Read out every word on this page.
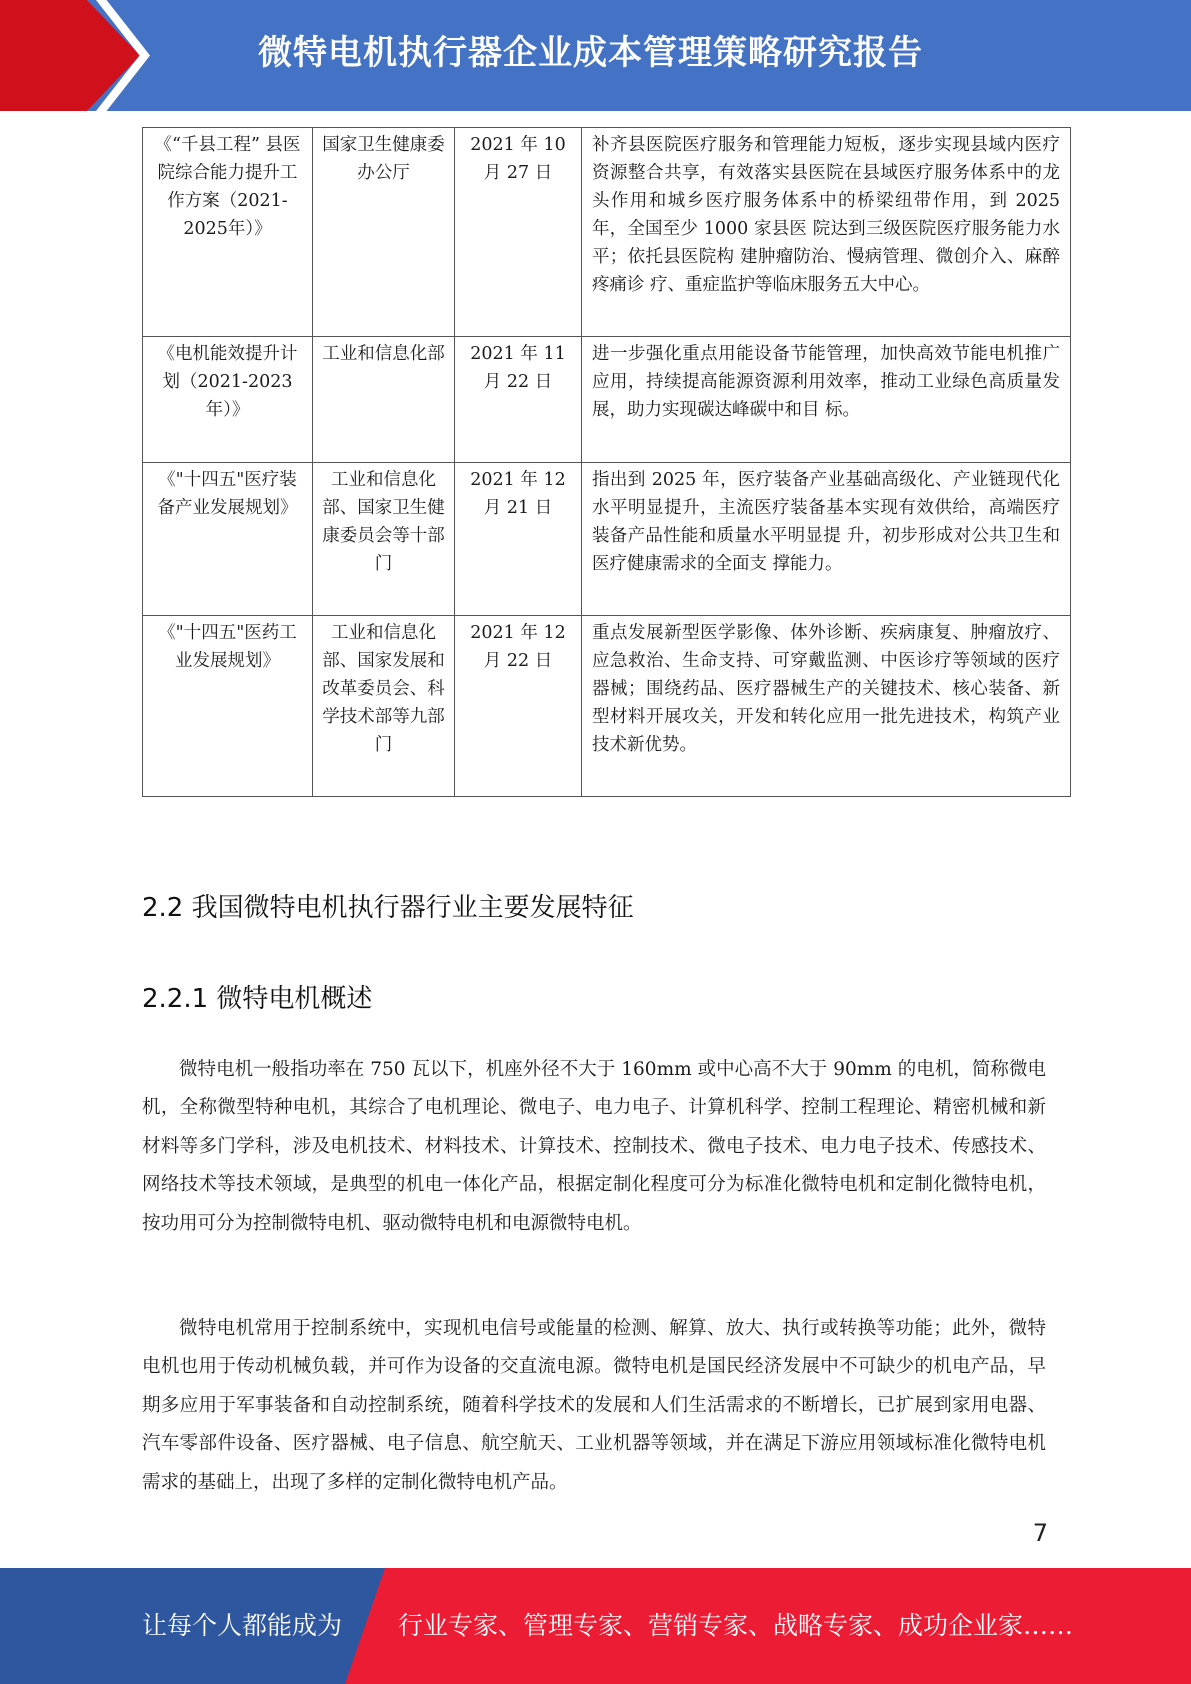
微特电机执行器企业成本管理策略研究报告
《“千县工程” 县医院综合能力提升工作方案（2021-2025年）》	国家卫生健康委办公厅	2021 年 10 月 27 日	补齐县医院医疗服务和管理能力短板，逐步实现县域内医疗资源整合共享，有效落实县医院在县域医疗服务体系中的龙头作用和城乡医疗服务体系中的桥梁纽带作用，到 2025 年，全国至少 1000 家县医 院达到三级医院医疗服务能力水平；依托县医院构 建肿瘤防治、慢病管理、微创介入、麻醉疼痛诊 疗、重症监护等临床服务五大中心。
《电机能效提升计划（2021-2023年）》	工业和信息化部	2021 年 11 月 22 日	进一步强化重点用能设备节能管理，加快高效节能电机推广应用，持续提高能源资源利用效率，推动工业绿色高质量发展，助力实现碳达峰碳中和目 标。
《"十四五"医疗装备产业发展规划》	工业和信息化部、国家卫生健康委员会等十部门	2021 年 12 月 21 日	指出到 2025 年，医疗装备产业基础高级化、产业链现代化水平明显提升，主流医疗装备基本实现有效供给，高端医疗装备产品性能和质量水平明显提 升，初步形成对公共卫生和医疗健康需求的全面支 撑能力。
《"十四五"医药工业发展规划》	工业和信息化部、国家发展和改革委员会、科学技术部等九部门	2021 年 12 月 22 日	重点发展新型医学影像、体外诊断、疾病康复、肿瘤放疗、应急救治、生命支持、可穿戴监测、中医诊疗等领域的医疗器械；围绕药品、医疗器械生产的关键技术、核心装备、新型材料开展攻关，开发和转化应用一批先进技术，构筑产业技术新优势。
2.2 我国微特电机执行器行业主要发展特征
2.2.1 微特电机概述

微特电机一般指功率在 750 瓦以下，机座外径不大于 160mm 或中心高不大于 90mm 的电机，简称微电机，全称微型特种电机，其综合了电机理论、微电子、电力电子、计算机科学、控制工程理论、精密机械和新材料等多门学科，涉及电机技术、材料技术、计算技术、控制技术、微电子技术、电力电子技术、传感技术、网络技术等技术领域，是典型的机电一体化产品，根据定制化程度可分为标准化微特电机和定制化微特电机，按功用可分为控制微特电机、驱动微特电机和电源微特电机。

微特电机常用于控制系统中，实现机电信号或能量的检测、解算、放大、执行或转换等功能；此外，微特电机也用于传动机械负载，并可作为设备的交直流电源。微特电机是国民经济发展中不可缺少的机电产品，早期多应用于军事装备和自动控制系统，随着科学技术的发展和人们生活需求的不断增长，已扩展到家用电器、汽车零部件设备、医疗器械、电子信息、航空航天、工业机器等领域，并在满足下游应用领域标准化微特电机需求的基础上，出现了多样的定制化微特电机产品。

7
让每个人都能成为 行业专家、管理专家、营销专家、战略专家、成功企业家……
